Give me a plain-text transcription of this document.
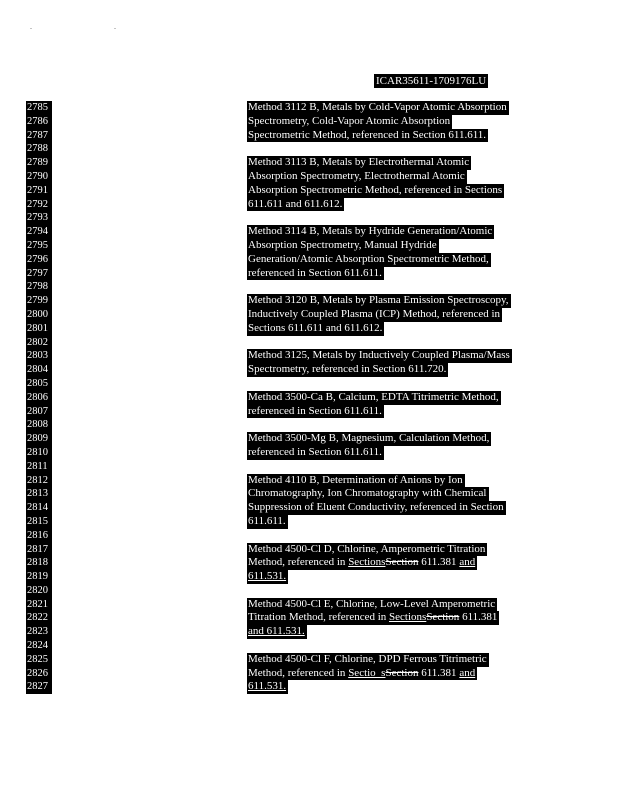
.  .
ICAR35611-1709176LU
2785
2786
2787
2788
2789
2790
2791
2792
2793
2794
2795
2796
2797
2798
2799
2800
2801
2802
2803
2804
2805
2806
2807
2808
2809
2810
2811
2812
2813
2814
2815
2816
2817
2818
2819
2820
2821
2822
2823
2824
2825
2826
2827
Method 3112 B, Metals by Cold-Vapor Atomic Absorption
Spectrometry, Cold-Vapor Atomic Absorption
Spectrometric Method, referenced in Section 611.611.
Method 3113 B, Metals by Electrothermal Atomic
Absorption Spectrometry, Electrothermal Atomic
Absorption Spectrometric Method, referenced in Sections
611.611 and 611.612.
Method 3114 B, Metals by Hydride Generation/Atomic
Absorption Spectrometry, Manual Hydride
Generation/Atomic Absorption Spectrometric Method,
referenced in Section 611.611.
Method 3120 B, Metals by Plasma Emission Spectroscopy,
Inductively Coupled Plasma (ICP) Method, referenced in
Sections 611.611 and 611.612.
Method 3125, Metals by Inductively Coupled Plasma/Mass
Spectrometry, referenced in Section 611.720.
Method 3500-Ca B, Calcium, EDTA Titrimetric Method,
referenced in Section 611.611.
Method 3500-Mg B, Magnesium, Calculation Method,
referenced in Section 611.611.
Method 4110 B, Determination of Anions by Ion
Chromatography, Ion Chromatography with Chemical
Suppression of Eluent Conductivity, referenced in Section
611.611.
Method 4500-Cl D, Chlorine, Amperometric Titration
Method, referenced in SectionsSection 611.381 and
611.531.
Method 4500-Cl E, Chlorine, Low-Level Amperometric
Titration Method, referenced in SectionsSection 611.381
and 611.531.
Method 4500-Cl F, Chlorine, DPD Ferrous Titrimetric
Method, referenced in Sectio_sSection 611.381 and
611.531.
